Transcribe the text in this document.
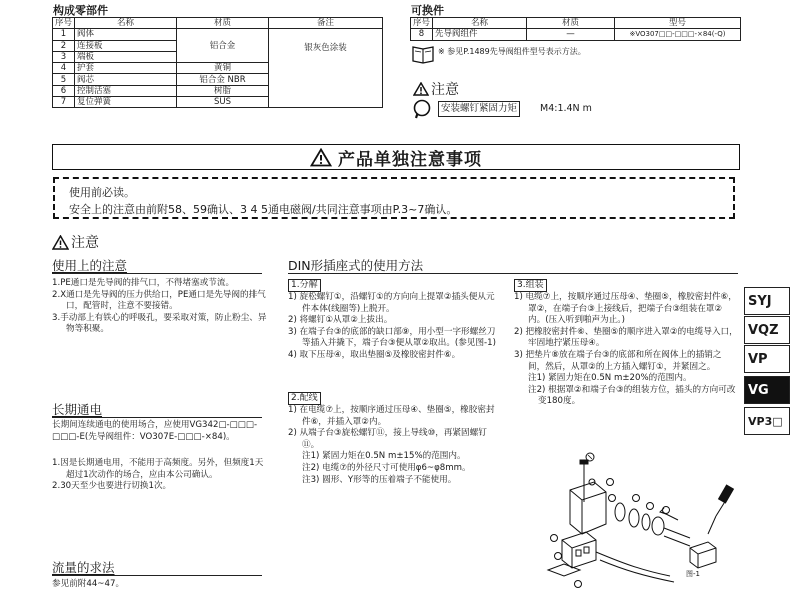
构成零部件
序号	名称	材质	备注
1	阀体	铝合金	银灰色涂装
2	连接板		
3	端板		
4	护套	黄铜	
5	阀芯	铝合金 NBR	
6	控制活塞	树脂	
7	复位弹簧	SUS	
可换件
序号	名称	材质	型号
8	先导阀组件	—	※VO307□□-□□□-×84(-Q)
※ 参见P.1489先导阀组件型号表示方法。
注意
安装螺钉紧固力矩	M4:1.4N m
产品单独注意事项
使用前必读。
安全上的注意由前附58、59确认、3 4 5通电磁阀/共同注意事项由P.3~7确认。
注意
使用上的注意
1.PE通口是先导阀的排气口，不得堵塞或节流。
2.X通口是先导阀的压力供给口，PE通口是先导阀的排气口，配管时，注意不要接错。
3.手动部上有铁心的呼吸孔，要采取对策，防止粉尘、异物等积聚。
长期通电
长期间连续通电的使用场合，应使用VG342□-□□□-□□□-E(先导阀组件：VO307E-□□□-×84)。
1.因是长期通电用，不能用于高频度。另外，但频度1天超过1次动作的场合，应由本公司确认。
2.30天至少也要进行切换1次。
流量的求法
参见前附44~47。
DIN形插座式的使用方法
1.分解
1) 旋松螺钉①，沿螺钉①的方向向上提罩②插头便从元件本体(线圈等)上脱开。
2) 将螺钉①从罩②上拔出。
3) 在端子台③的底部的缺口部⑨，用小型一字形螺丝刀等插入并撬下，端子台③便从罩②取出。(参见图-1)
4) 取下压母④，取出垫圈⑤及橡胶密封件⑥。
2.配线
1) 在电缆⑦上，按顺序通过压母④、垫圈⑤，橡胶密封件⑥，并插入罩②内。
2) 从端子台③旋松螺钉⑪，接上导线⑩，再紧固螺钉⑪。
注1) 紧固力矩在0.5N m±15%的范围内。
注2) 电缆⑦的外径尺寸可使用φ6~φ8mm。
注3) 圆形、Y形等的压着端子不能使用。
3.组装
1) 电缆⑦上，按顺序通过压母④、垫圈⑤，橡胶密封件⑥，罩②，在端子台③上接线后，把端子台③组装在罩②内。(压入听到啪声为止。)
2) 把橡胶密封件⑥、垫圈⑤的顺序进入罩②的电缆导入口，牢固地拧紧压母④。
3) 把垫片⑧放在端子台③的底部和所在阀体上的插销之间，然后，从罩②的上方插入螺钉①，并紧固之。
注1) 紧固力矩在0.5N m±20%的范围内。
注2) 根据罩②和端子台③的组装方位，插头的方向可改变180度。
图-1
SYJ
VQZ
VP
VG
VP3□
